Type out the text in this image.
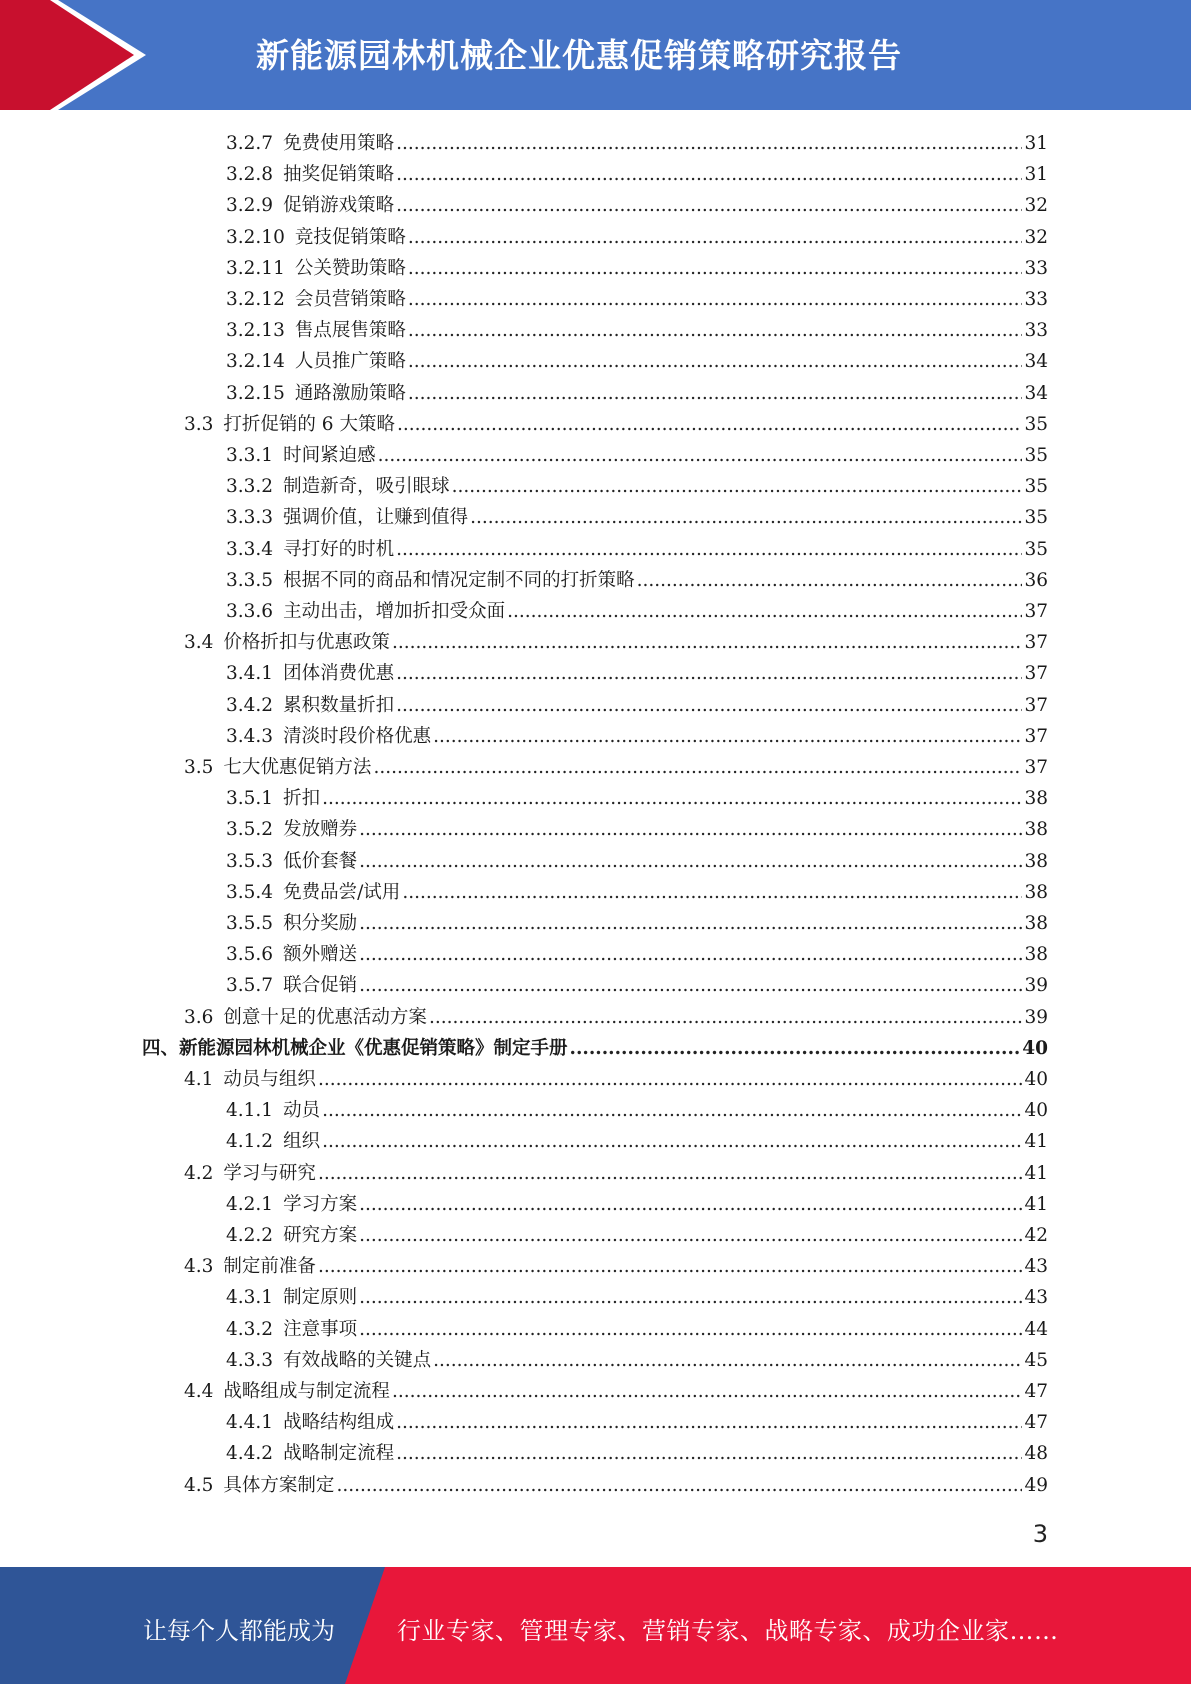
新能源园林机械企业优惠促销策略研究报告
3.2.7 免费使用策略 .....	31
3.2.8 抽奖促销策略 .....	31
3.2.9 促销游戏策略 .....	32
3.2.10 竞技促销策略 .....	32
3.2.11 公关赞助策略 .....	33
3.2.12 会员营销策略 .....	33
3.2.13 售点展售策略 .....	33
3.2.14 人员推广策略 .....	34
3.2.15 通路激励策略 .....	34
3.3 打折促销的 6 大策略 .....	35
3.3.1 时间紧迫感 .....	35
3.3.2 制造新奇，吸引眼球 .....	35
3.3.3 强调价值，让赚到值得 .....	35
3.3.4 寻打好的时机 .....	35
3.3.5 根据不同的商品和情况定制不同的打折策略 .....	36
3.3.6 主动出击，增加折扣受众面 .....	37
3.4 价格折扣与优惠政策 .....	37
3.4.1 团体消费优惠 .....	37
3.4.2 累积数量折扣 .....	37
3.4.3 清淡时段价格优惠 .....	37
3.5 七大优惠促销方法 .....	37
3.5.1 折扣 .....	38
3.5.2 发放赠券 .....	38
3.5.3 低价套餐 .....	38
3.5.4 免费品尝/试用 .....	38
3.5.5 积分奖励 .....	38
3.5.6 额外赠送 .....	38
3.5.7 联合促销 .....	39
3.6 创意十足的优惠活动方案 .....	39
四、新能源园林机械企业《优惠促销策略》制定手册 .....	40
4.1 动员与组织 .....	40
4.1.1 动员 .....	40
4.1.2 组织 .....	41
4.2 学习与研究 .....	41
4.2.1 学习方案 .....	41
4.2.2 研究方案 .....	42
4.3 制定前准备 .....	43
4.3.1 制定原则 .....	43
4.3.2 注意事项 .....	44
4.3.3 有效战略的关键点 .....	45
4.4 战略组成与制定流程 .....	47
4.4.1 战略结构组成 .....	47
4.4.2 战略制定流程 .....	48
4.5 具体方案制定 .....	49
3
让每个人都能成为	行业专家、管理专家、营销专家、战略专家、成功企业家……
